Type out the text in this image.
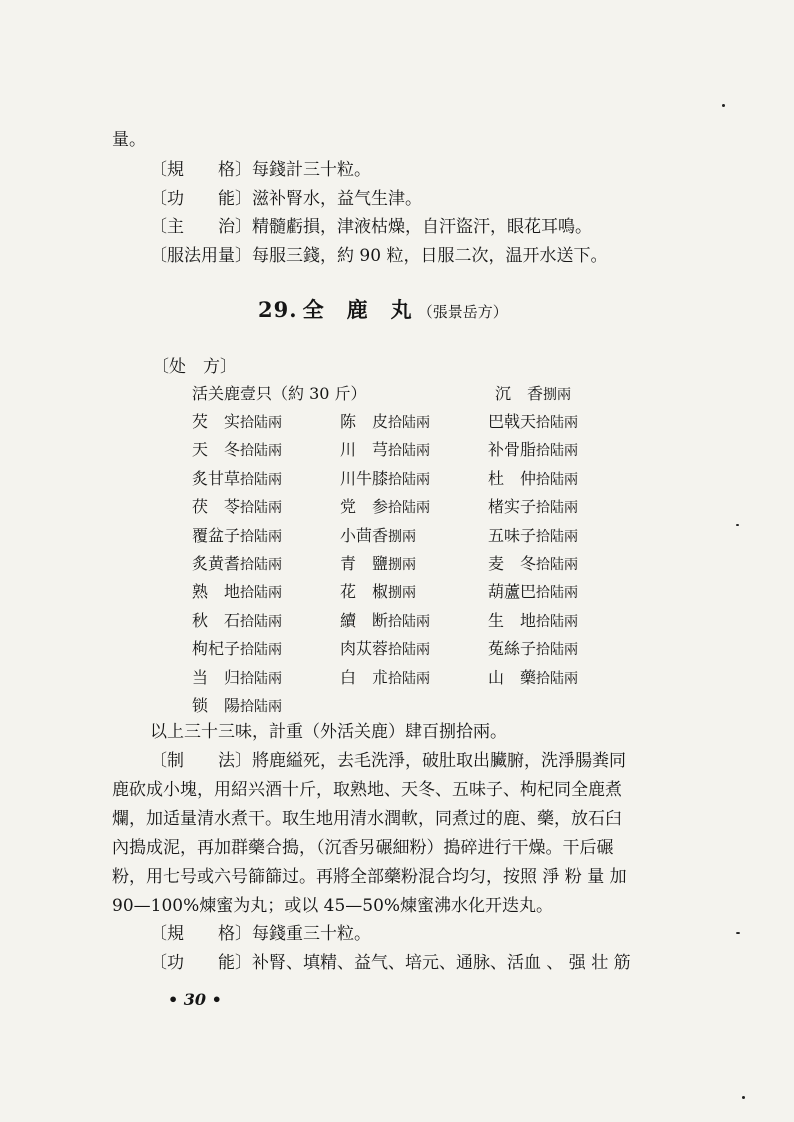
量。
〔規　　格〕每錢計三十粒。
〔功　　能〕滋补腎水，益气生津。
〔主　　治〕精髓虧損，津液枯燥，自汗盜汗，眼花耳鳴。
〔服法用量〕每服三錢，約 90 粒，日服二次，温开水送下。
29. 全　鹿　丸 （張景岳方）
〔处　方〕
活关鹿壹只（約 30 斤）	沉　香捌兩
芡　实拾陆兩	陈　皮拾陆兩	巴戟天拾陆兩
天　冬拾陆兩	川　芎拾陆兩	补骨脂拾陆兩
炙甘草拾陆兩	川牛膝拾陆兩	杜　仲拾陆兩
茯　苓拾陆兩	党　参拾陆兩	楮实子拾陆兩
覆盆子拾陆兩	小茴香捌兩	五味子拾陆兩
炙黄耆拾陆兩	青　鹽捌兩	麦　冬拾陆兩
熟　地拾陆兩	花　椒捌兩	葫蘆巴拾陆兩
秋　石拾陆兩	續　断拾陆兩	生　地拾陆兩
枸杞子拾陆兩	肉苁蓉拾陆兩	菟絲子拾陆兩
当　归拾陆兩	白　朮拾陆兩	山　藥拾陆兩
锁　陽拾陆兩
以上三十三味，計重（外活关鹿）肆百捌拾兩。
〔制　　法〕將鹿縊死，去毛洗淨，破肚取出臟腑，洗淨腸粪同
鹿砍成小塊，用紹兴酒十斤，取熟地、天冬、五味子、枸杞同全鹿煮
爛，加适量清水煮干。取生地用清水潤軟，同煮过的鹿、藥，放石臼
內搗成泥，再加群藥合搗，（沉香另碾細粉）搗碎进行干燥。干后碾
粉，用七号或六号篩篩过。再將全部藥粉混合均匀，按照 淨 粉 量 加
90—100%煉蜜为丸；或以 45—50%煉蜜沸水化开迭丸。
〔規　　格〕每錢重三十粒。
〔功　　能〕补腎、填精、益气、培元、通脉、活血 、 强 壮 筋
• 30 •
